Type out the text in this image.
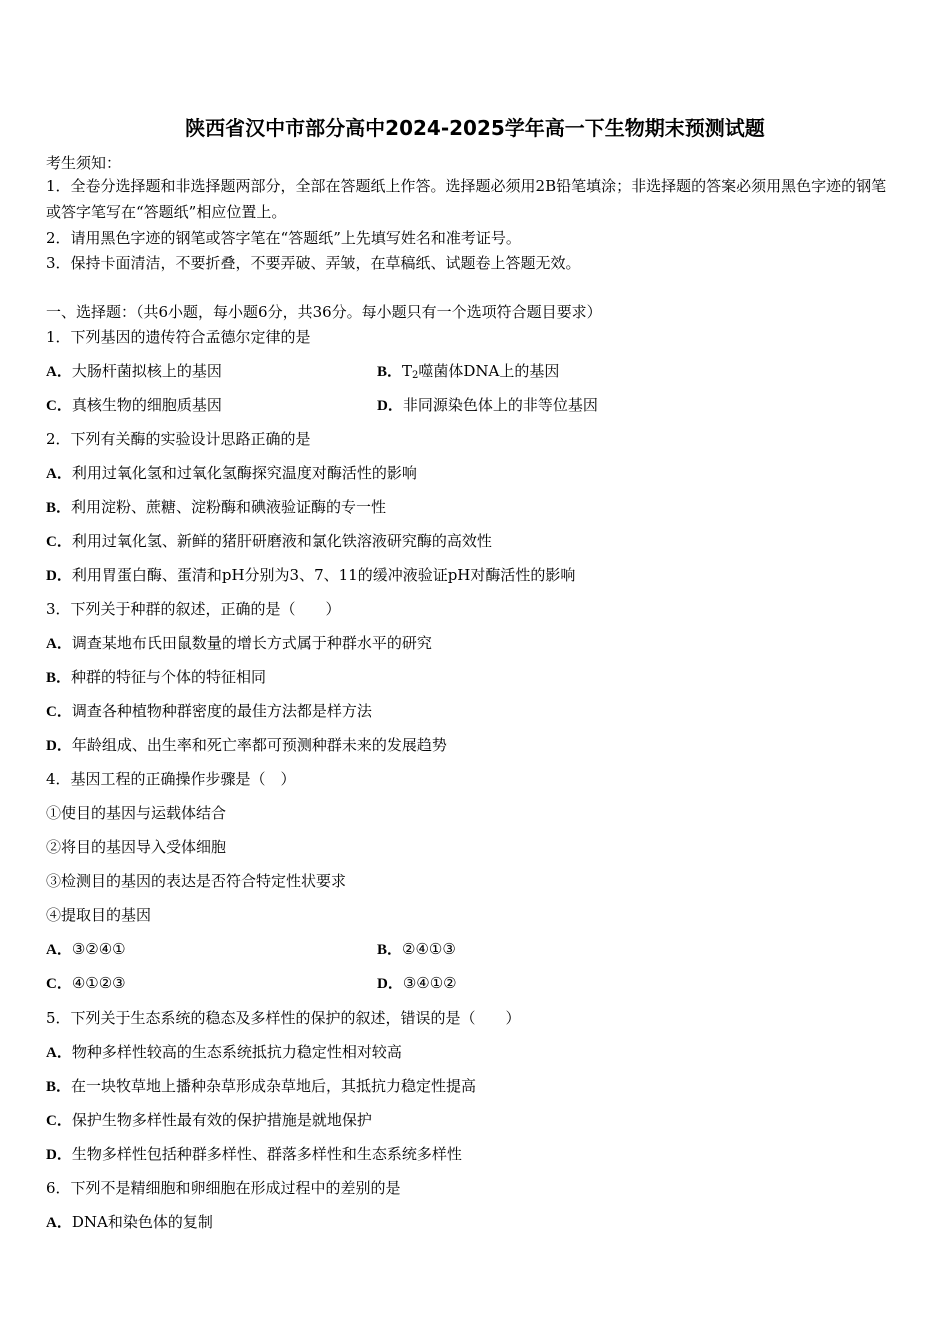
陕西省汉中市部分高中2024-2025学年高一下生物期末预测试题
考生须知：
1．全卷分选择题和非选择题两部分，全部在答题纸上作答。选择题必须用2B铅笔填涂；非选择题的答案必须用黑色字迹的钢笔或答字笔写在“答题纸”相应位置上。
2．请用黑色字迹的钢笔或答字笔在“答题纸”上先填写姓名和准考证号。
3．保持卡面清洁，不要折叠，不要弄破、弄皱，在草稿纸、试题卷上答题无效。
一、选择题：（共6小题，每小题6分，共36分。每小题只有一个选项符合题目要求）
1．下列基因的遗传符合孟德尔定律的是
A．大肠杆菌拟核上的基因	B．$T_2$噬菌体DNA上的基因
C．真核生物的细胞质基因	D．非同源染色体上的非等位基因
2．下列有关酶的实验设计思路正确的是
A．利用过氧化氢和过氧化氢酶探究温度对酶活性的影响
B．利用淀粉、蔗糖、淀粉酶和碘液验证酶的专一性
C．利用过氧化氢、新鲜的猪肝研磨液和氯化铁溶液研究酶的高效性
D．利用胃蛋白酶、蛋清和pH分别为3、7、11的缓冲液验证pH对酶活性的影响
3．下列关于种群的叙述，正确的是（　　）
A．调查某地布氏田鼠数量的增长方式属于种群水平的研究
B．种群的特征与个体的特征相同
C．调查各种植物种群密度的最佳方法都是样方法
D．年龄组成、出生率和死亡率都可预测种群未来的发展趋势
4．基因工程的正确操作步骤是（　）
①使目的基因与运载体结合
②将目的基因导入受体细胞
③检测目的基因的表达是否符合特定性状要求
④提取目的基因
A．③②④①	B．②④①③
C．④①②③	D．③④①②
5．下列关于生态系统的稳态及多样性的保护的叙述，错误的是（　　）
A．物种多样性较高的生态系统抵抗力稳定性相对较高
B．在一块牧草地上播种杂草形成杂草地后，其抵抗力稳定性提高
C．保护生物多样性最有效的保护措施是就地保护
D．生物多样性包括种群多样性、群落多样性和生态系统多样性
6．下列不是精细胞和卵细胞在形成过程中的差别的是
A．DNA和染色体的复制
